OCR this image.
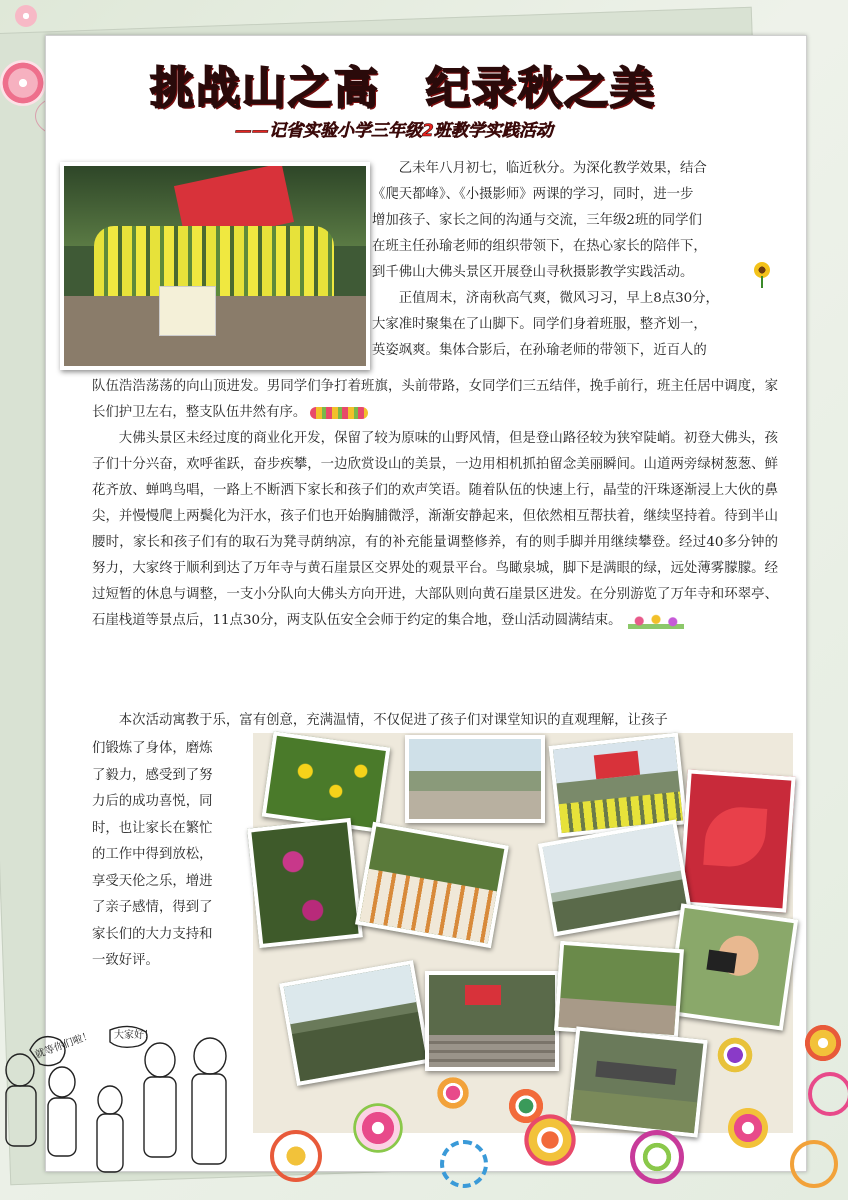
挑战山之高　纪录秋之美
——记省实验小学三年级2班教学实践活动

乙未年八月初七，临近秋分。为深化教学效果，结合

《爬天都峰》、《小摄影师》两课的学习，同时，进一步

增加孩子、家长之间的沟通与交流，三年级2班的同学们

在班主任孙瑜老师的组织带领下，在热心家长的陪伴下，

到千佛山大佛头景区开展登山寻秋摄影教学实践活动。

正值周末，济南秋高气爽，微风习习，早上8点30分，

大家准时聚集在了山脚下。同学们身着班服，整齐划一，

英姿飒爽。集体合影后，在孙瑜老师的带领下，近百人的

队伍浩浩荡荡的向山顶进发。男同学们争打着班旗，头前带路，女同学们三五结伴，挽手前行，班主任居中调度，家长们护卫左右，整支队伍井然有序。

大佛头景区未经过度的商业化开发，保留了较为原味的山野风情，但是登山路径较为狭窄陡峭。初登大佛头，孩子们十分兴奋，欢呼雀跃，奋步疾攀，一边欣赏设山的美景，一边用相机抓拍留念美丽瞬间。山道两旁绿树葱葱、鲜花齐放、蝉鸣鸟唱，一路上不断洒下家长和孩子们的欢声笑语。随着队伍的快速上行，晶莹的汗珠逐渐浸上大伙的鼻尖，并慢慢爬上两鬓化为汗水，孩子们也开始胸脯微浮，渐渐安静起来，但依然相互帮扶着，继续坚持着。待到半山腰时，家长和孩子们有的取石为凳寻荫纳凉，有的补充能量调整修养，有的则手脚并用继续攀登。经过40多分钟的努力，大家终于顺利到达了万年寺与黄石崖景区交界处的观景平台。鸟瞰泉城，脚下是满眼的绿，远处薄雾朦朦。经过短暂的休息与调整，一支小分队向大佛头方向开进，大部队则向黄石崖景区进发。在分别游览了万年寺和环翠亭、石崖栈道等景点后，11点30分，两支队伍安全会师于约定的集合地，登山活动圆满结束。

本次活动寓教于乐，富有创意，充满温情，不仅促进了孩子们对课堂知识的直观理解，让孩子

们锻炼了身体，磨炼
了毅力，感受到了努
力后的成功喜悦，同
时，也让家长在繁忙
的工作中得到放松，
享受天伦之乐，增进
了亲子感情，得到了
家长们的大力支持和
一致好评。
就等你们啦！ 大家好！
